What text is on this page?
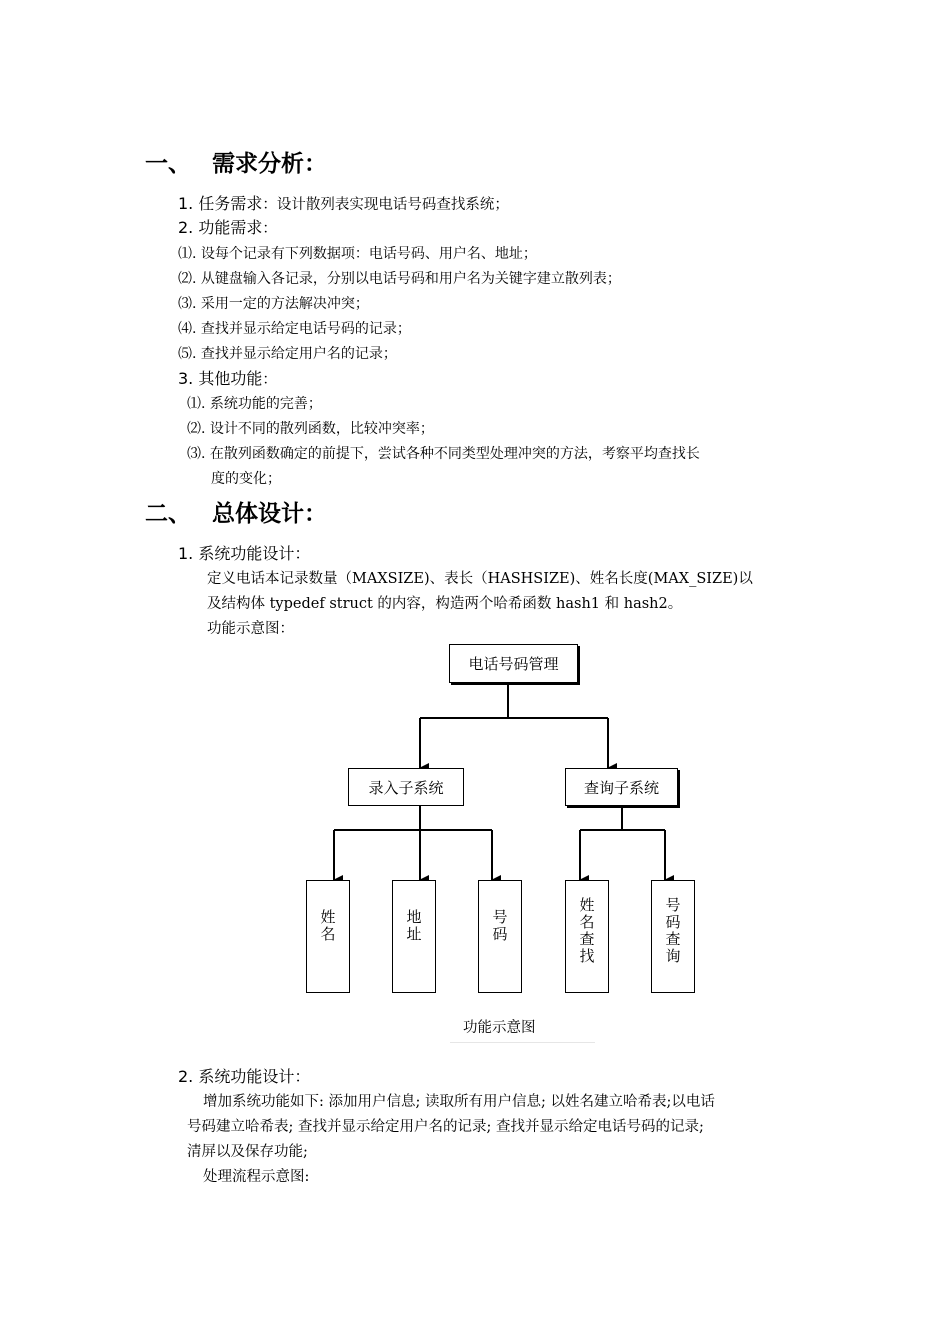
一、 需求分析：
1. 任务需求：设计散列表实现电话号码查找系统；
2. 功能需求：
⑴. 设每个记录有下列数据项：电话号码、用户名、地址；
⑵. 从键盘输入各记录，分别以电话号码和用户名为关键字建立散列表；
⑶. 采用一定的方法解决冲突；
⑷. 查找并显示给定电话号码的记录；
⑸. 查找并显示给定用户名的记录；
3. 其他功能：
⑴. 系统功能的完善；
⑵. 设计不同的散列函数，比较冲突率；
⑶. 在散列函数确定的前提下，尝试各种不同类型处理冲突的方法，考察平均查找长
度的变化；
二、 总体设计：
1. 系统功能设计：
定义电话本记录数量（MAXSIZE)、表长（HASHSIZE)、姓名长度(MAX_SIZE)以
及结构体 typedef struct 的内容，构造两个哈希函数 hash1 和 hash2。
功能示意图：
电话号码管理
录入子系统	查询子系统
姓名
地址
号码
姓名查找
号码查询
功能示意图
2. 系统功能设计：
增加系统功能如下: 添加用户信息; 读取所有用户信息; 以姓名建立哈希表;以电话
号码建立哈希表; 查找并显示给定用户名的记录; 查找并显示给定电话号码的记录;
清屏以及保存功能;
处理流程示意图:
